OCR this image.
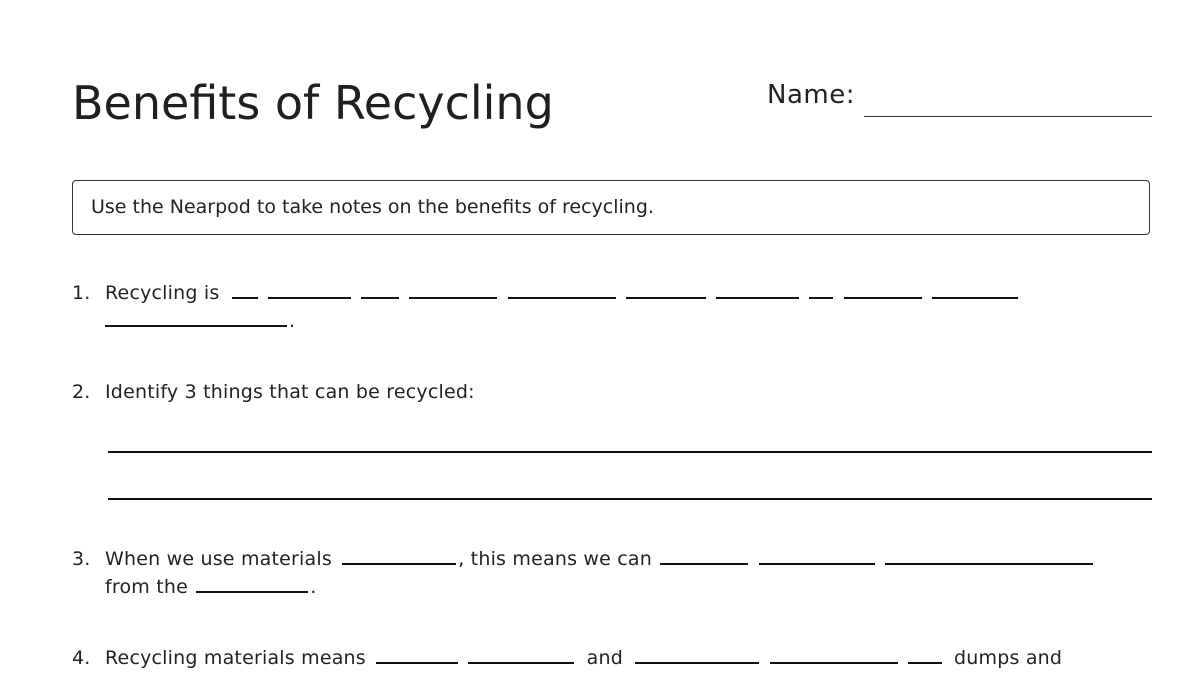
Benefits of Recycling	Name:
Use the Nearpod to take notes on the benefits of recycling.
1. Recycling is
.
2. Identify 3 things that can be recycled:
3. When we use materials	, this means we can
from the	.
4. Recycling materials means	and	dumps and
